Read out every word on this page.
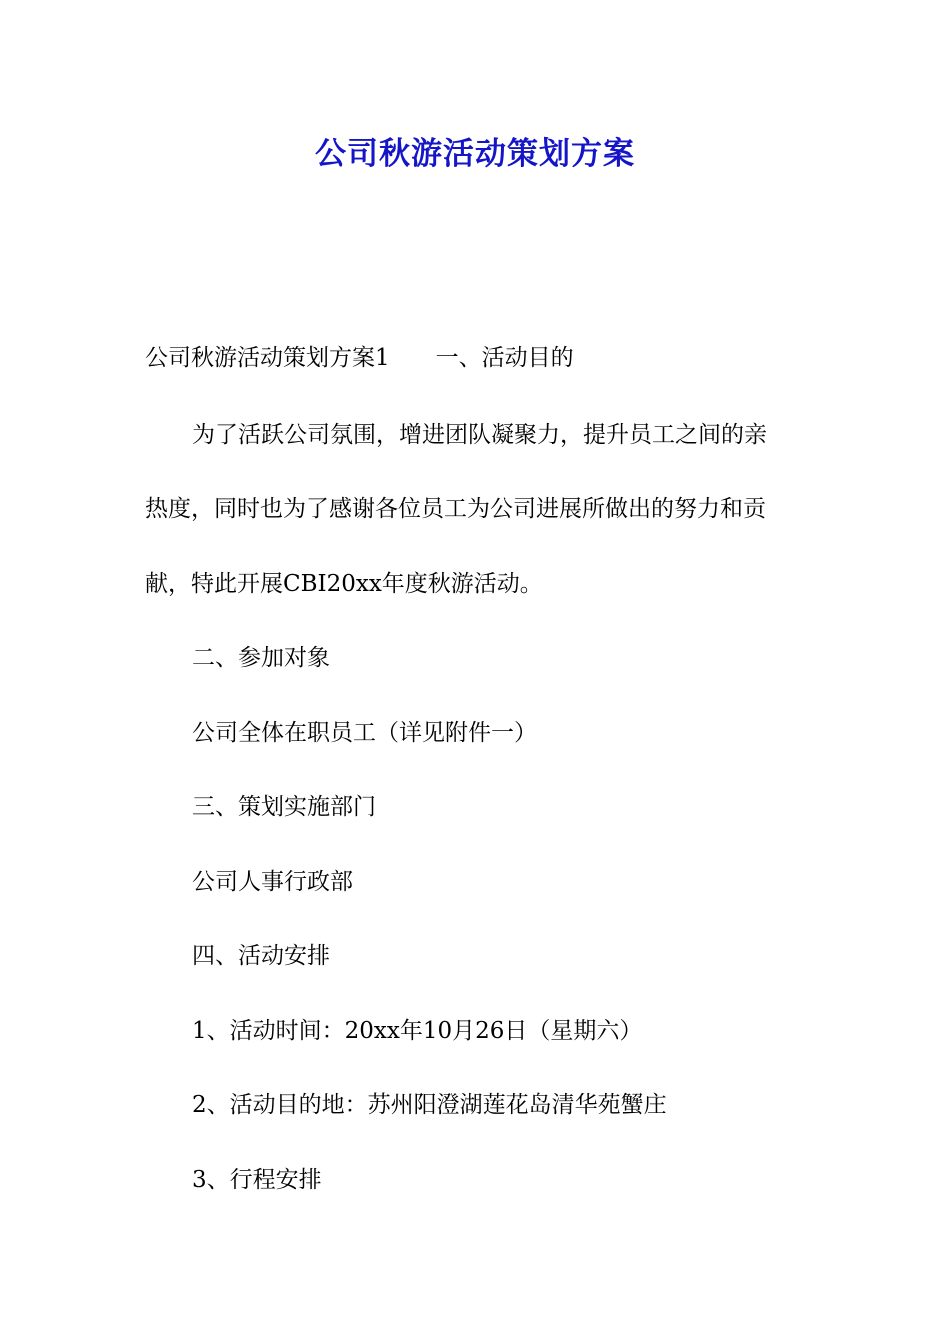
公司秋游活动策划方案

公司秋游活动策划方案1 一、活动目的

为了活跃公司氛围，增进团队凝聚力，提升员工之间的亲

热度，同时也为了感谢各位员工为公司进展所做出的努力和贡

献，特此开展CBI20xx年度秋游活动。

二、参加对象

公司全体在职员工（详见附件一）

三、策划实施部门

公司人事行政部

四、活动安排

1、活动时间：20xx年10月26日（星期六）

2、活动目的地：苏州阳澄湖莲花岛清华苑蟹庄

3、行程安排
